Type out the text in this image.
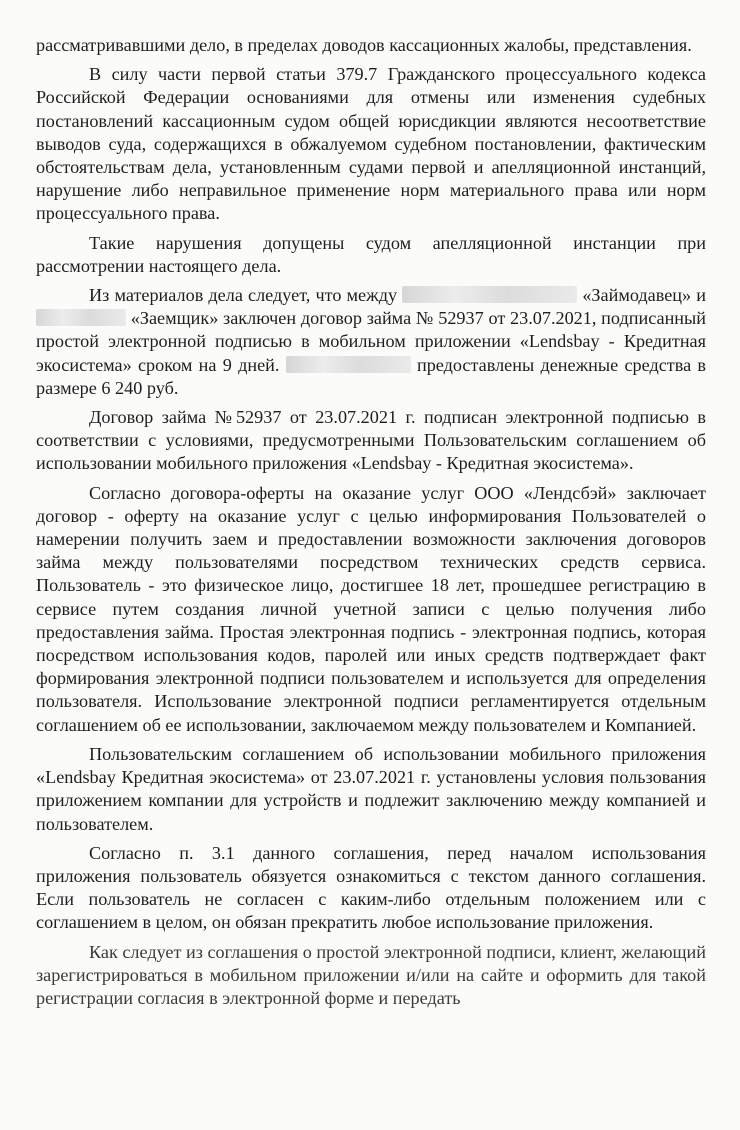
рассматривавшими дело, в пределах доводов кассационных жалобы, представления.

В силу части первой статьи 379.7 Гражданского процессуального кодекса Российской Федерации основаниями для отмены или изменения судебных постановлений кассационным судом общей юрисдикции являются несоответствие выводов суда, содержащихся в обжалуемом судебном постановлении, фактическим обстоятельствам дела, установленным судами первой и апелляционной инстанций, нарушение либо неправильное применение норм материального права или норм процессуального права.

Такие нарушения допущены судом апелляционной инстанции при рассмотрении настоящего дела.

Из материалов дела следует, что между	«Займодавец» и  «Заемщик» заключен договор займа № 52937 от 23.07.2021, подписанный простой электронной подписью в мобильном приложении «Lendsbay - Кредитная экосистема» сроком на 9 дней.	предоставлены денежные средства в размере 6 240 руб.

Договор займа №52937 от 23.07.2021 г. подписан электронной подписью в соответствии с условиями, предусмотренными Пользовательским соглашением об использовании мобильного приложения «Lendsbay - Кредитная экосистема».

Согласно договора-оферты на оказание услуг ООО «Лендсбэй» заключает договор - оферту на оказание услуг с целью информирования Пользователей о намерении получить заем и предоставлении возможности заключения договоров займа между пользователями посредством технических средств сервиса. Пользователь - это физическое лицо, достигшее 18 лет, прошедшее регистрацию в сервисе путем создания личной учетной записи с целью получения либо предоставления займа. Простая электронная подпись - электронная подпись, которая посредством использования кодов, паролей или иных средств подтверждает факт формирования электронной подписи пользователем и используется для определения пользователя. Использование электронной подписи регламентируется отдельным соглашением об ее использовании, заключаемом между пользователем и Компанией.

Пользовательским соглашением об использовании мобильного приложения «Lendsbay Кредитная экосистема» от 23.07.2021 г. установлены условия пользования приложением компании для устройств и подлежит заключению между компанией и пользователем.

Согласно п. 3.1 данного соглашения, перед началом использования приложения пользователь обязуется ознакомиться с текстом данного соглашения. Если пользователь не согласен с каким-либо отдельным положением или с соглашением в целом, он обязан прекратить любое использование приложения.

Как следует из соглашения о простой электронной подписи, клиент, желающий зарегистрироваться в мобильном приложении и/или на сайте и оформить для такой регистрации согласия в электронной форме и передать
